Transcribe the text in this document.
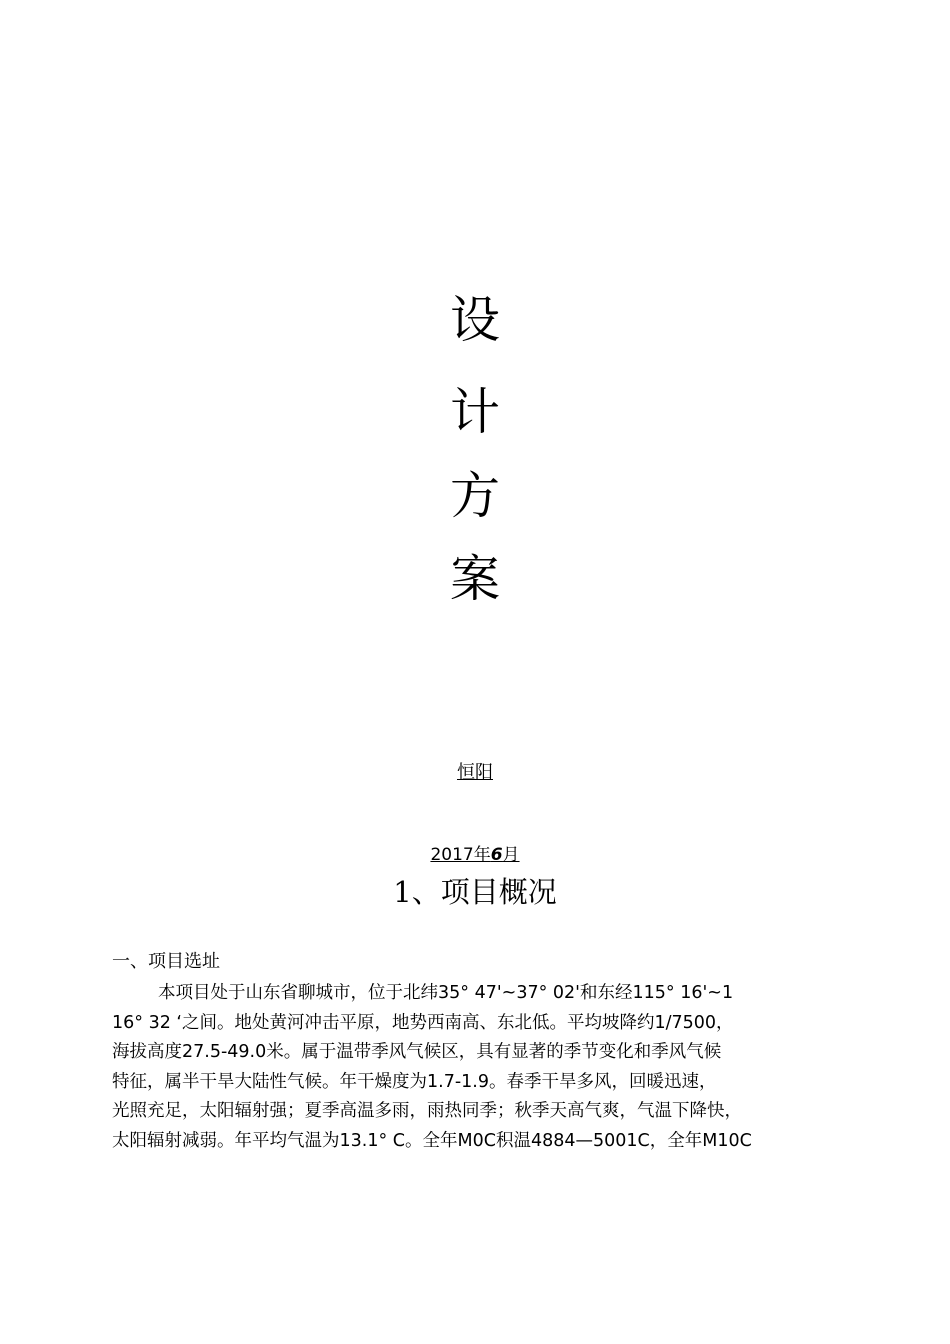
设
计
方
案
恒阳
2017年6月
1、项目概况
一、项目选址
本项目处于山东省聊城市，位于北纬35° 47'~37° 02'和东经115° 16'~1
16° 32 ‘之间。地处黄河冲击平原，地势西南高、东北低。平均坡降约1/7500，
海拔高度27.5-49.0米。属于温带季风气候区，具有显著的季节变化和季风气候
特征，属半干旱大陆性气候。年干燥度为1.7-1.9。春季干旱多风，回暖迅速，
光照充足，太阳辐射强；夏季高温多雨，雨热同季；秋季天高气爽，气温下降快，
太阳辐射减弱。年平均气温为13.1° C。全年M0C积温4884—5001C，全年M10C
